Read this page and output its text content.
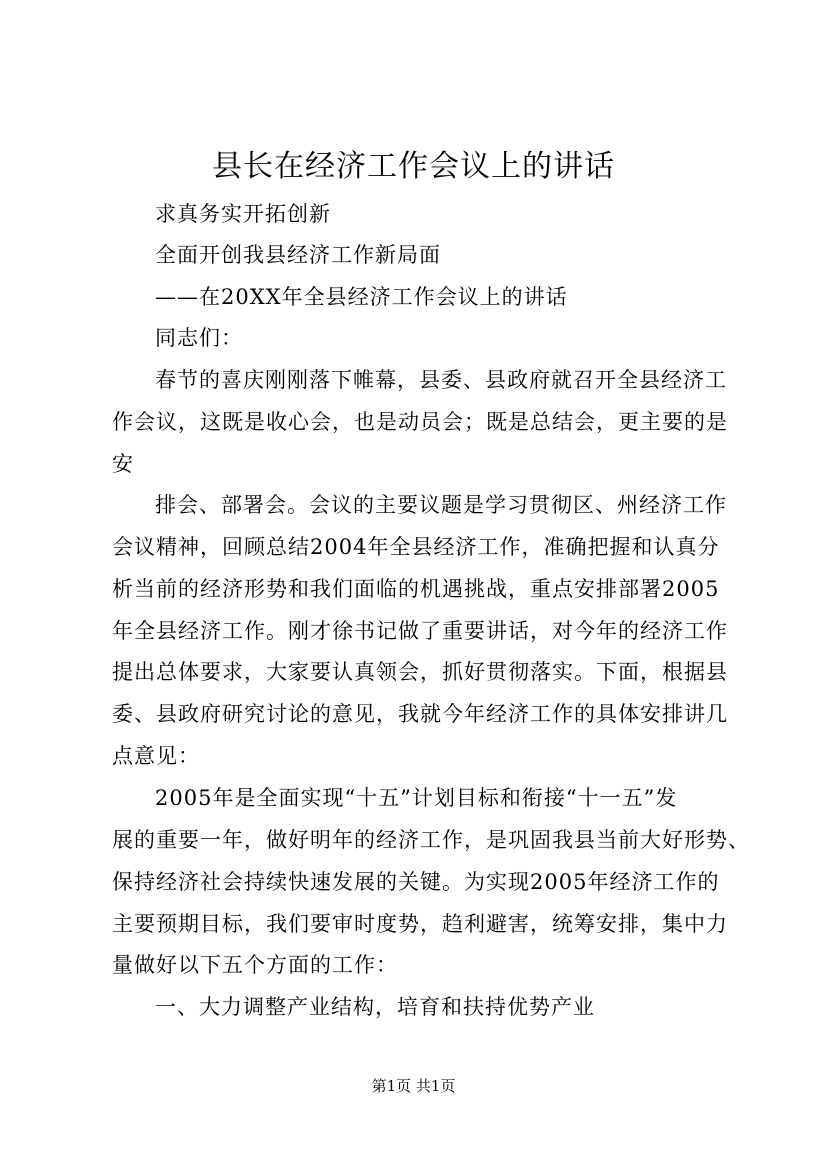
县长在经济工作会议上的讲话
求真务实开拓创新
全面开创我县经济工作新局面
——在20XX年全县经济工作会议上的讲话
同志们：
春节的喜庆刚刚落下帷幕，县委、县政府就召开全县经济工
作会议，这既是收心会，也是动员会；既是总结会，更主要的是
安
排会、部署会。会议的主要议题是学习贯彻区、州经济工作
会议精神，回顾总结2004年全县经济工作，准确把握和认真分
析当前的经济形势和我们面临的机遇挑战，重点安排部署2005
年全县经济工作。刚才徐书记做了重要讲话，对今年的经济工作
提出总体要求，大家要认真领会，抓好贯彻落实。下面，根据县
委、县政府研究讨论的意见，我就今年经济工作的具体安排讲几
点意见：
2005年是全面实现“十五”计划目标和衔接“十一五”发
展的重要一年，做好明年的经济工作，是巩固我县当前大好形势、
保持经济社会持续快速发展的关键。为实现2005年经济工作的
主要预期目标，我们要审时度势，趋利避害，统筹安排，集中力
量做好以下五个方面的工作：
一、大力调整产业结构，培育和扶持优势产业
第1页 共1页
